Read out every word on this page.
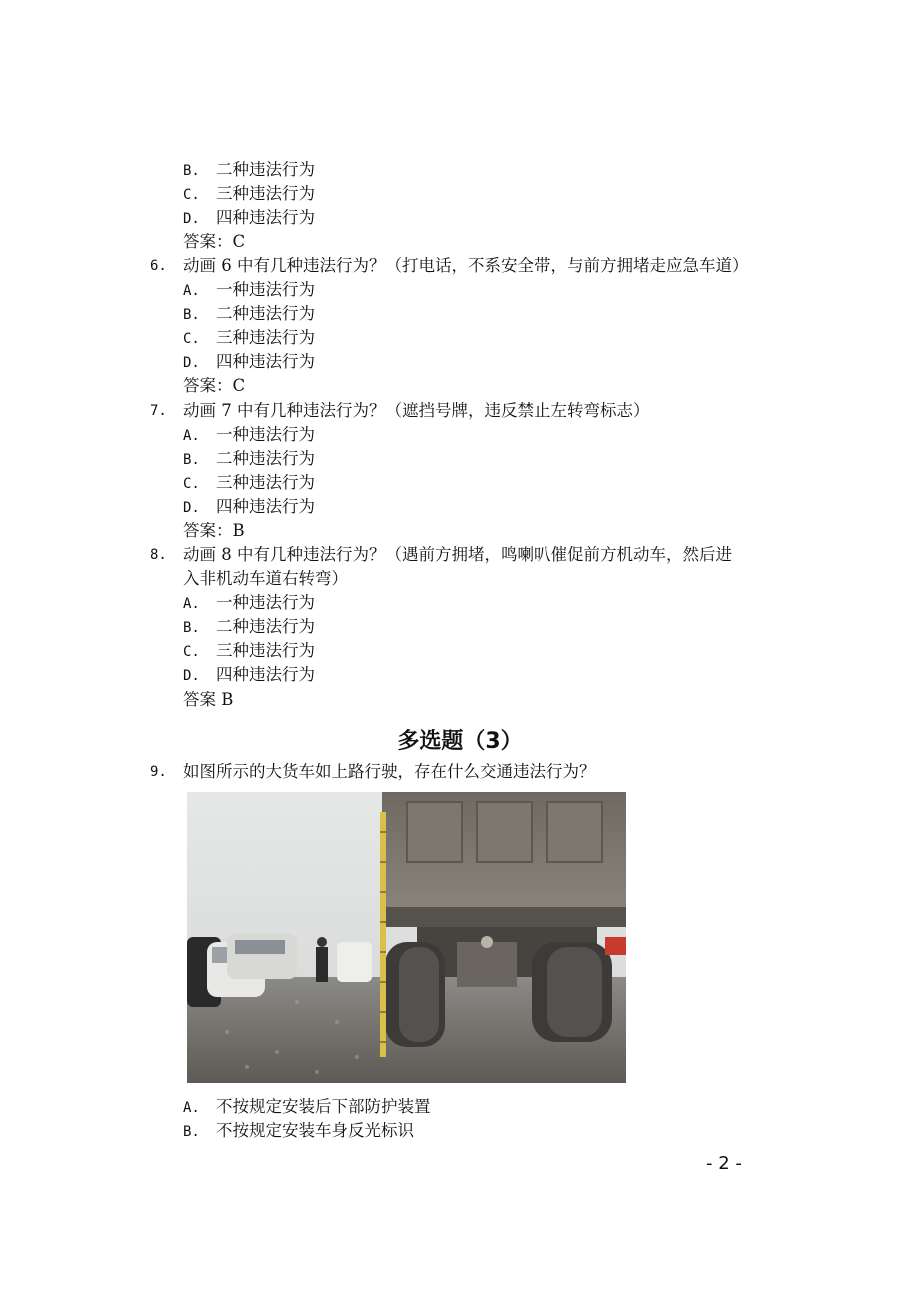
B. 二种违法行为
C. 三种违法行为
D. 四种违法行为
答案：C
6. 动画 6 中有几种违法行为？（打电话，不系安全带，与前方拥堵走应急车道）
A. 一种违法行为
B. 二种违法行为
C. 三种违法行为
D. 四种违法行为
答案：C
7. 动画 7 中有几种违法行为？（遮挡号牌，违反禁止左转弯标志）
A. 一种违法行为
B. 二种违法行为
C. 三种违法行为
D. 四种违法行为
答案：B
8. 动画 8 中有几种违法行为？（遇前方拥堵，鸣喇叭催促前方机动车，然后进
入非机动车道右转弯）
A. 一种违法行为
B. 二种违法行为
C. 三种违法行为
D. 四种违法行为
答案 B
多选题（3）
9. 如图所示的大货车如上路行驶，存在什么交通违法行为？
A. 不按规定安装后下部防护装置
B. 不按规定安装车身反光标识
- 2 -
